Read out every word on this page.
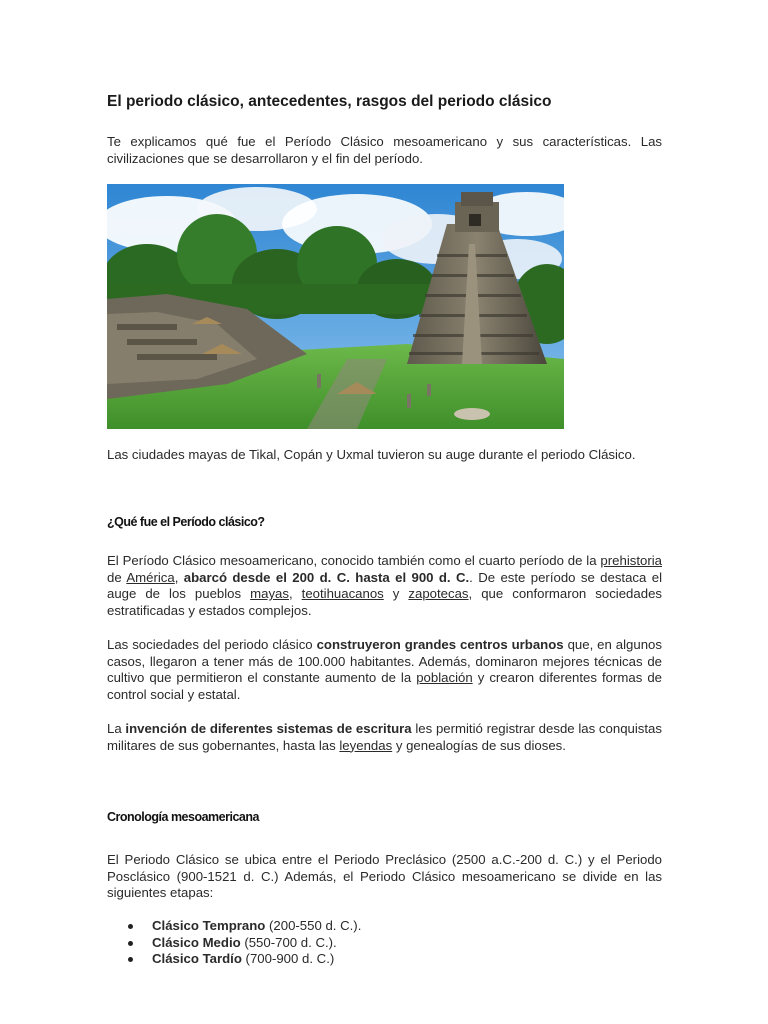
El periodo clásico, antecedentes, rasgos del periodo clásico

Te explicamos qué fue el Período Clásico mesoamericano y sus características. Las civilizaciones que se desarrollaron y el fin del período.

Las ciudades mayas de Tikal, Copán y Uxmal tuvieron su auge durante el periodo Clásico.

¿Qué fue el Período clásico?

El Período Clásico mesoamericano, conocido también como el cuarto período de la prehistoria de América, abarcó desde el 200 d. C. hasta el 900 d. C.. De este período se destaca el auge de los pueblos mayas, teotihuacanos y zapotecas, que conformaron sociedades estratificadas y estados complejos.

Las sociedades del periodo clásico construyeron grandes centros urbanos que, en algunos casos, llegaron a tener más de 100.000 habitantes. Además, dominaron mejores técnicas de cultivo que permitieron el constante aumento de la población y crearon diferentes formas de control social y estatal.

La invención de diferentes sistemas de escritura les permitió registrar desde las conquistas militares de sus gobernantes, hasta las leyendas y genealogías de sus dioses.

Cronología mesoamericana

El Periodo Clásico se ubica entre el Periodo Preclásico (2500 a.C.-200 d. C.) y el Periodo Posclásico (900-1521 d. C.) Además, el Periodo Clásico mesoamericano se divide en las siguientes etapas:

Clásico Temprano (200-550 d. C.).
Clásico Medio (550-700 d. C.).
Clásico Tardío (700-900 d. C.)
